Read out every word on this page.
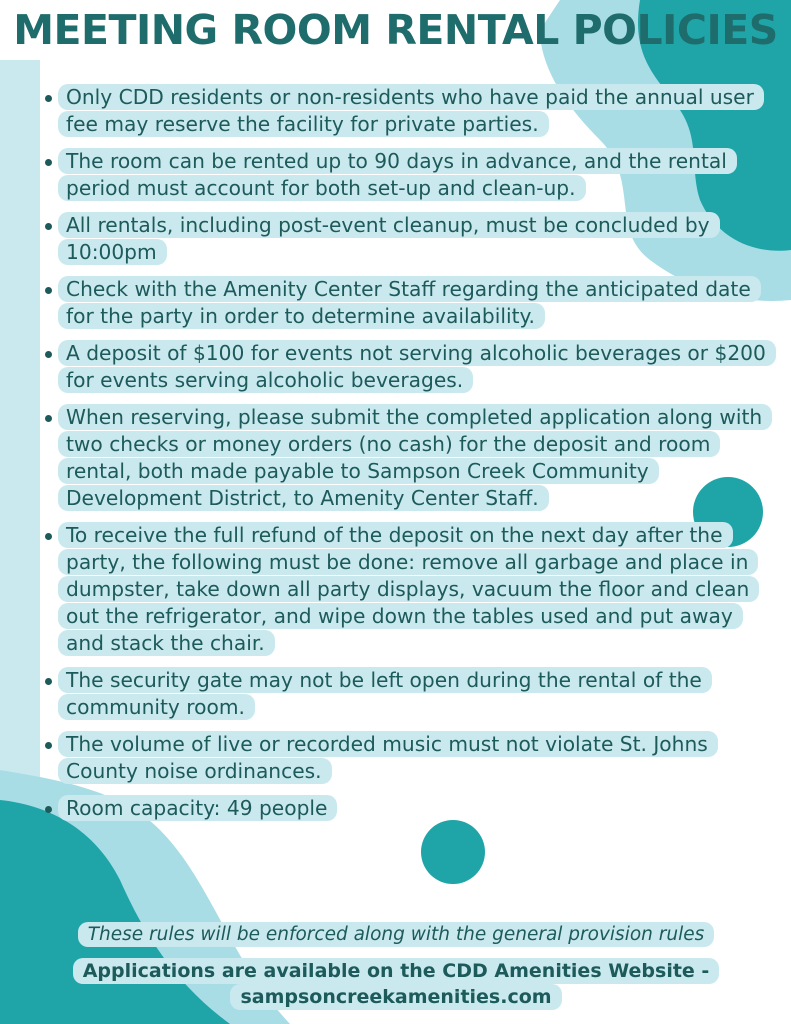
MEETING ROOM RENTAL POLICIES
Only CDD residents or non-residents who have paid the annual user fee may reserve the facility for private parties.
The room can be rented up to 90 days in advance, and the rental period must account for both set-up and clean-up.
All rentals, including post-event cleanup, must be concluded by 10:00pm
Check with the Amenity Center Staff regarding the anticipated date for the party in order to determine availability.
A deposit of $100 for events not serving alcoholic beverages or $200 for events serving alcoholic beverages.
When reserving, please submit the completed application along with two checks or money orders (no cash) for the deposit and room rental, both made payable to Sampson Creek Community Development District, to Amenity Center Staff.
To receive the full refund of the deposit on the next day after the party, the following must be done: remove all garbage and place in dumpster, take down all party displays, vacuum the floor and clean out the refrigerator, and wipe down the tables used and put away and stack the chair.
The security gate may not be left open during the rental of the community room.
The volume of live or recorded music must not violate St. Johns County noise ordinances.
Room capacity: 49 people
These rules will be enforced along with the general provision rules
Applications are available on the CDD Amenities Website -
sampsoncreekamenities.com
